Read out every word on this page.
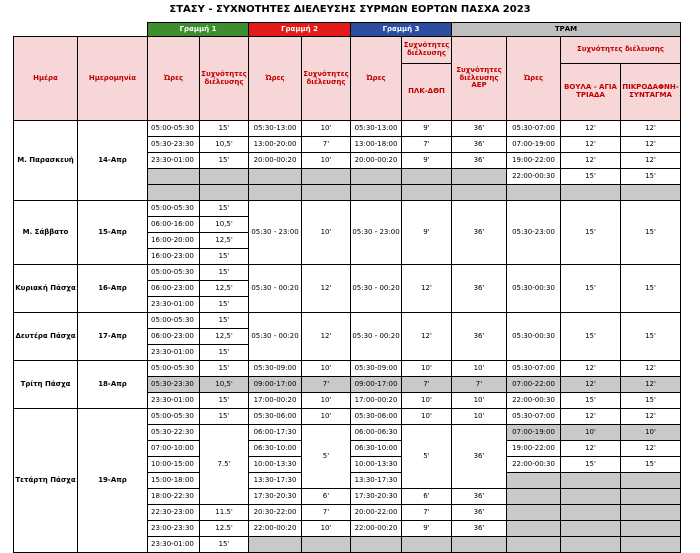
ΣΤΑΣΥ - ΣΥΧΝΟΤΗΤΕΣ ΔΙΕΛΕΥΣΗΣ ΣΥΡΜΩΝ ΕΟΡΤΩΝ ΠΑΣΧΑ 2023
		Γραμμή 1		Γραμμή 2		Γραμμή 3		ΤΡΑΜ			
Ημέρα	Ημερομηνία	Ώρες	Συχνότητες διέλευσης	Ώρες	Συχνότητες διέλευσης	Ώρες	Συχνότητες διέλευσης	Συχνότητες διέλευσης ΑΕΡ	Ώρες	Συχνότητες διέλευσης	
							ΠΛΚ-ΔΘΠ			ΒΟΥΛΑ - ΑΓΙΑ ΤΡΙΑΔΑ	ΠΙΚΡΟΔΑΦΝΗ-ΣΥΝΤΑΓΜΑ
Μ. Παρασκευή	14-Απρ	05:00-05:30	15'	05:30-13:00	10'	05:30-13:00	9'	36'	05:30-07:00	12'	12'
		05:30-23:30	10,5'	13:00-20:00	7'	13:00-18:00	7'	36'	07:00-19:00	12'	12'
		23:30-01:00	15'	20:00-00:20	10'	20:00-00:20	9'	36'	19:00-22:00	12'	12'
									22:00-00:30	15'	15'

Μ. Σάββατο	15-Απρ	05:00-05:30	15'	05:30 - 23:00	10'	05:30 - 23:00	9'	36'	05:30-23:00	15'	15'
		06:00-16:00	10,5'								
		16:00-20:00	12,5'								
		16:00-23:00	15'								
Κυριακή Πάσχα	16-Απρ	05:00-05:30	15'	05:30 - 00:20	12'	05:30 - 00:20	12'	36'	05:30-00:30	15'	15'
		06:00-23:00	12,5'								
		23:30-01:00	15'								
Δευτέρα Πάσχα	17-Απρ	05:00-05:30	15'	05:30 - 00:20	12'	05:30 - 00:20	12'	36'	05:30-00:30	15'	15'
		06:00-23:00	12,5'								
		23:30-01:00	15'								
Τρίτη Πάσχα	18-Απρ	05:00-05:30	15'	05:30-09:00	10'	05:30-09:00	10'	10'	05:30-07:00	12'	12'
		05:30-23:30	10,5'	09:00-17:00	7'	09:00-17:00	7'	7'	07:00-22:00	12'	12'
		23:30-01:00	15'	17:00-00:20	10'	17:00-00:20	10'	10'	22:00-00:30	15'	15'
Τετάρτη Πάσχα	19-Απρ	05:00-05:30	15'	05:30-06:00	10'	05:30-06:00	10'	10'	05:30-07:00	12'	12'
		05:30-22:30	7.5'	06:00-17:30	5'	06:00-06:30	5'	36'	07:00-19:00	10'	10'
		07:00-10:00		06:30-10:00		06:30-10:00			19:00-22:00	12'	12'
		10:00-15:00		10:00-13:30		10:00-13:30			22:00-00:30	15'	15'
		15:00-18:00		13:30-17:30		13:30-17:30					
		18:00-22:30		17:30-20:30	6'	17:30-20:30	6'	36'			
		22:30-23:00	11.5'	20:30-22:00	7'	20:00-22:00	7'	36'			
		23:00-23:30	12.5'	22:00-00:20	10'	22:00-00:20	9'	36'			
		23:30-01:00	15'								
